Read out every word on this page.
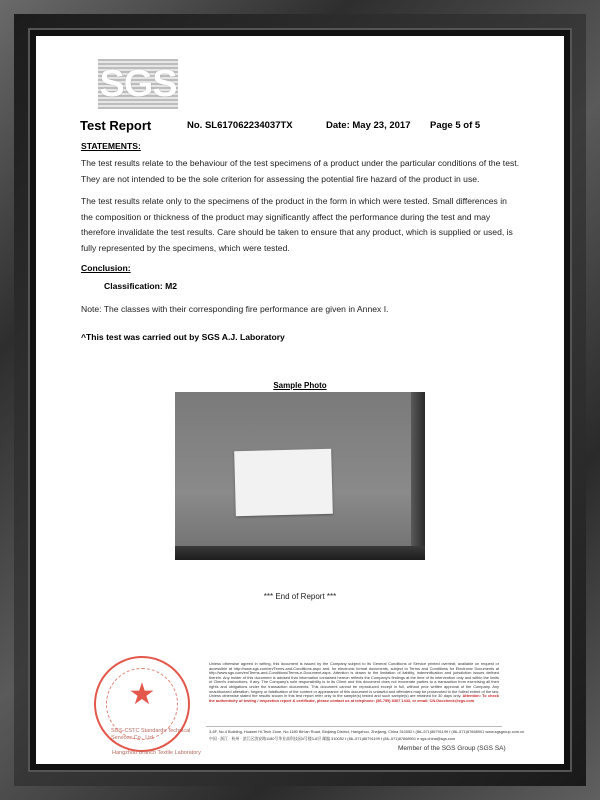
SGS
Test Report	No. SL617062234037TX	Date: May 23, 2017 Page 5 of 5
STATEMENTS:
The test results relate to the behaviour of the test specimens of a product under the particular conditions of the test. They are not intended to be the sole criterion for assessing the potential fire hazard of the product in use.
The test results relate only to the specimens of the product in the form in which were tested. Small differences in the composition or thickness of the product may significantly affect the performance during the test and may therefore invalidate the test results. Care should be taken to ensure that any product, which is supplied or used, is fully represented by the specimens, which were tested.
Conclusion:
Classification: M2
Note: The classes with their corresponding fire performance are given in Annex I.
^This test was carried out by SGS A.J. Laboratory
Sample Photo
*** End of Report ***
★
SGS-CSTC Standards Technical Services Co., Ltd.
Hangzhou Branch Textile Laboratory
Unless otherwise agreed in writing, this document is issued by the Company subject to its General Conditions of Service printed overleaf, available on request or accessible at http://www.sgs.com/en/Terms-and-Conditions.aspx and, for electronic format documents, subject to Terms and Conditions for Electronic Documents at http://www.sgs.com/en/Terms-and-Conditions/Terms-e-Document.aspx. Attention is drawn to the limitation of liability, indemnification and jurisdiction issues defined therein. Any holder of this document is advised that information contained hereon reflects the Company's findings at the time of its intervention only and within the limits of Client's instructions, if any. The Company's sole responsibility is to its Client and this document does not exonerate parties to a transaction from exercising all their rights and obligations under the transaction documents. This document cannot be reproduced except in full, without prior written approval of the Company. Any unauthorized alteration, forgery or falsification of the content or appearance of this document is unlawful and offenders may be prosecuted to the fullest extent of the law. Unless otherwise stated the results shown in this test report refer only to the sample(s) tested and such sample(s) are retained for 30 days only. Attention: To check the authenticity of testing / inspection report & certificate, please contact us at telephone: (86-755) 8307 1443, or email: CN.Doccheck@sgs.com
3-6F, No.4 Building, Huawei Hi-Tech Zone, No.1180 Bin'an Road, Binjiang District, Hangzhou, Zhejiang, China 310052 t (86–571)86791199 f (86–571)87668901 www.sgsgroup.com.cn
中国 · 浙江 · 杭州 · 滨江区滨安路1180号华业高科技园4号楼3-6层 邮编 310052 t (86–571)86791199 f (86–571)87668901 e sgs.china@sgs.com
Member of the SGS Group (SGS SA)
